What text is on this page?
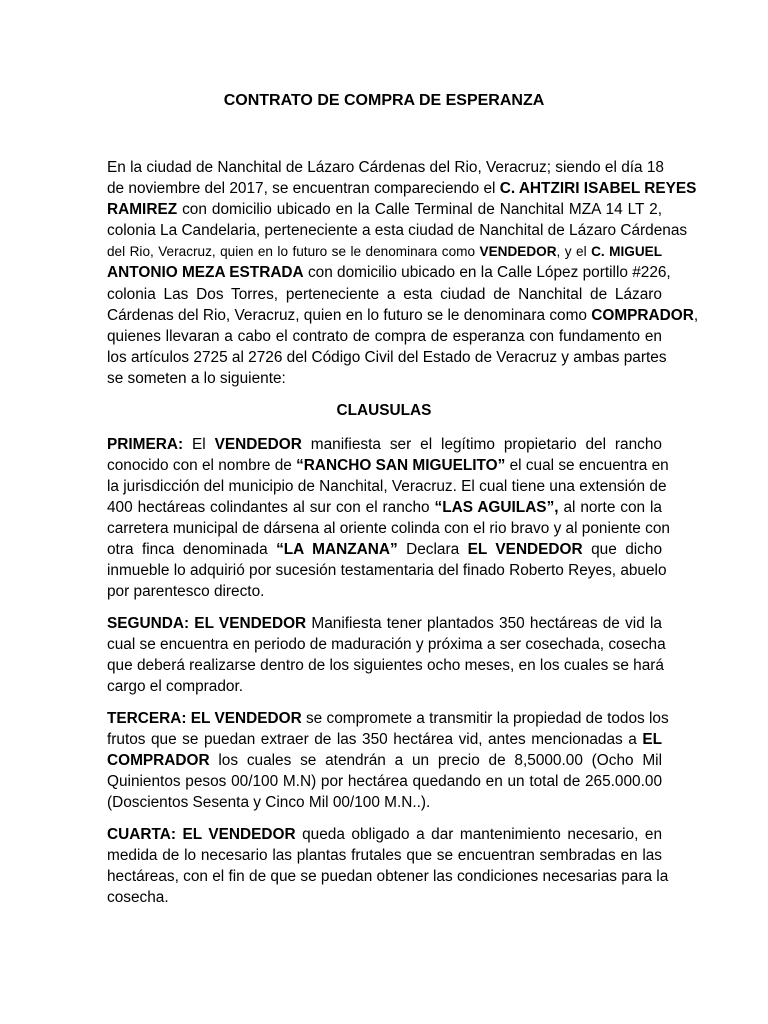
CONTRATO DE COMPRA DE ESPERANZA
En la ciudad de Nanchital de Lázaro Cárdenas del Rio, Veracruz; siendo el día 18
de noviembre del 2017, se encuentran compareciendo el C. AHTZIRI ISABEL REYES
RAMIREZ con domicilio ubicado en la Calle Terminal de Nanchital MZA 14 LT 2,
colonia La Candelaria, perteneciente a esta ciudad de Nanchital de Lázaro Cárdenas
del Rio, Veracruz, quien en lo futuro se le denominara como VENDEDOR, y el C. MIGUEL
ANTONIO MEZA ESTRADA con domicilio ubicado en la Calle López portillo #226,
colonia Las Dos Torres, perteneciente a esta ciudad de Nanchital de Lázaro
Cárdenas del Rio, Veracruz, quien en lo futuro se le denominara como COMPRADOR,
quienes llevaran a cabo el contrato de compra de esperanza con fundamento en
los artículos 2725 al 2726 del Código Civil del Estado de Veracruz y ambas partes
se someten a lo siguiente:
CLAUSULAS
PRIMERA: El VENDEDOR manifiesta ser el legítimo propietario del rancho
conocido con el nombre de “RANCHO SAN MIGUELITO” el cual se encuentra en
la jurisdicción del municipio de Nanchital, Veracruz. El cual tiene una extensión de
400 hectáreas colindantes al sur con el rancho “LAS AGUILAS”, al norte con la
carretera municipal de dársena al oriente colinda con el rio bravo y al poniente con
otra finca denominada “LA MANZANA” Declara EL VENDEDOR que dicho
inmueble lo adquirió por sucesión testamentaria del finado Roberto Reyes, abuelo
por parentesco directo.
SEGUNDA: EL VENDEDOR Manifiesta tener plantados 350 hectáreas de vid la
cual se encuentra en periodo de maduración y próxima a ser cosechada, cosecha
que deberá realizarse dentro de los siguientes ocho meses, en los cuales se hará
cargo el comprador.
TERCERA: EL VENDEDOR se compromete a transmitir la propiedad de todos los
frutos que se puedan extraer de las 350 hectárea vid, antes mencionadas a EL
COMPRADOR los cuales se atendrán a un precio de 8,5000.00 (Ocho Mil
Quinientos pesos 00/100 M.N) por hectárea quedando en un total de 265.000.00
(Doscientos Sesenta y Cinco Mil 00/100 M.N..).
CUARTA: EL VENDEDOR queda obligado a dar mantenimiento necesario, en
medida de lo necesario las plantas frutales que se encuentran sembradas en las
hectáreas, con el fin de que se puedan obtener las condiciones necesarias para la
cosecha.
